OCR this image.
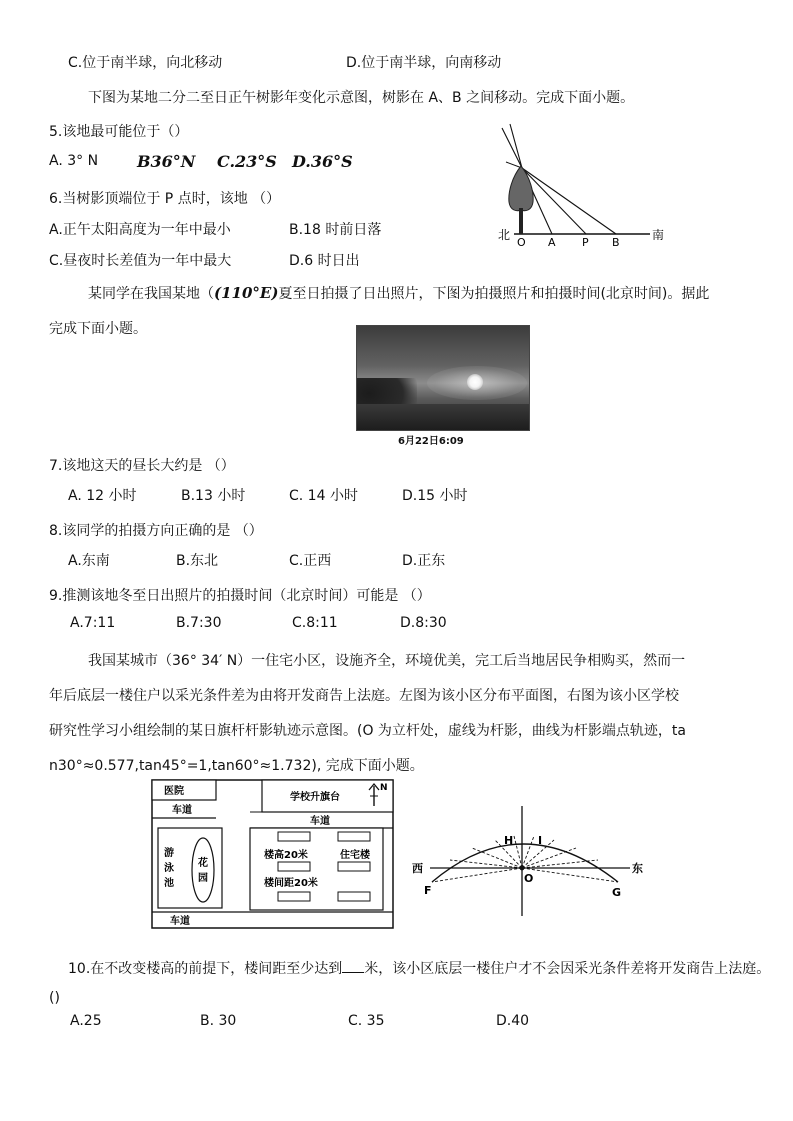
C.位于南半球，向北移动	D.位于南半球，向南移动
下图为某地二分二至日正午树影年变化示意图，树影在 A、B 之间移动。完成下面小题。
5.该地最可能位于（）
A. 3° N B36°N C.23°S D.36°S
6.当树影顶端位于 P 点时，该地 （）
A.正午太阳高度为一年中最小	B.18 时前日落
C.昼夜时长差值为一年中最大	D.6 时日出
北	南
O A P B
某同学在我国某地（(110°E)夏至日拍摄了日出照片，下图为拍摄照片和拍摄时间(北京时间)。据此
完成下面小题。
6月22日6:09
7.该地这天的昼长大约是 （）
A. 12 小时	B.13 小时	C. 14 小时	D.15 小时
8.该同学的拍摄方向正确的是 （）
A.东南	B.东北	C.正西	D.正东
9.推测该地冬至日出照片的拍摄时间（北京时间）可能是 （）
A.7:11	B.7:30	C.8:11	D.8:30
我国某城市（36° 34′ N）一住宅小区，设施齐全，环境优美，完工后当地居民争相购买，然而一
年后底层一楼住户以采光条件差为由将开发商告上法庭。左图为该小区分布平面图，右图为该小区学校
研究性学习小组绘制的某日旗杆杆影轨迹示意图。(O 为立杆处，虚线为杆影，曲线为杆影端点轨迹，ta
n30°≈0.577,tan45°=1,tan60°≈1.732), 完成下面小题。
医院
车道
学校升旗台
N
车道
游
泳
池
花
园
楼高20米	住宅楼
楼间距20米
车道
西	东
H I
O
F	G
10.在不改变楼高的前提下，楼间距至少达到 米，该小区底层一楼住户才不会因采光条件差将开发商告上法庭。
()
A.25	B. 30	C. 35	D.40
